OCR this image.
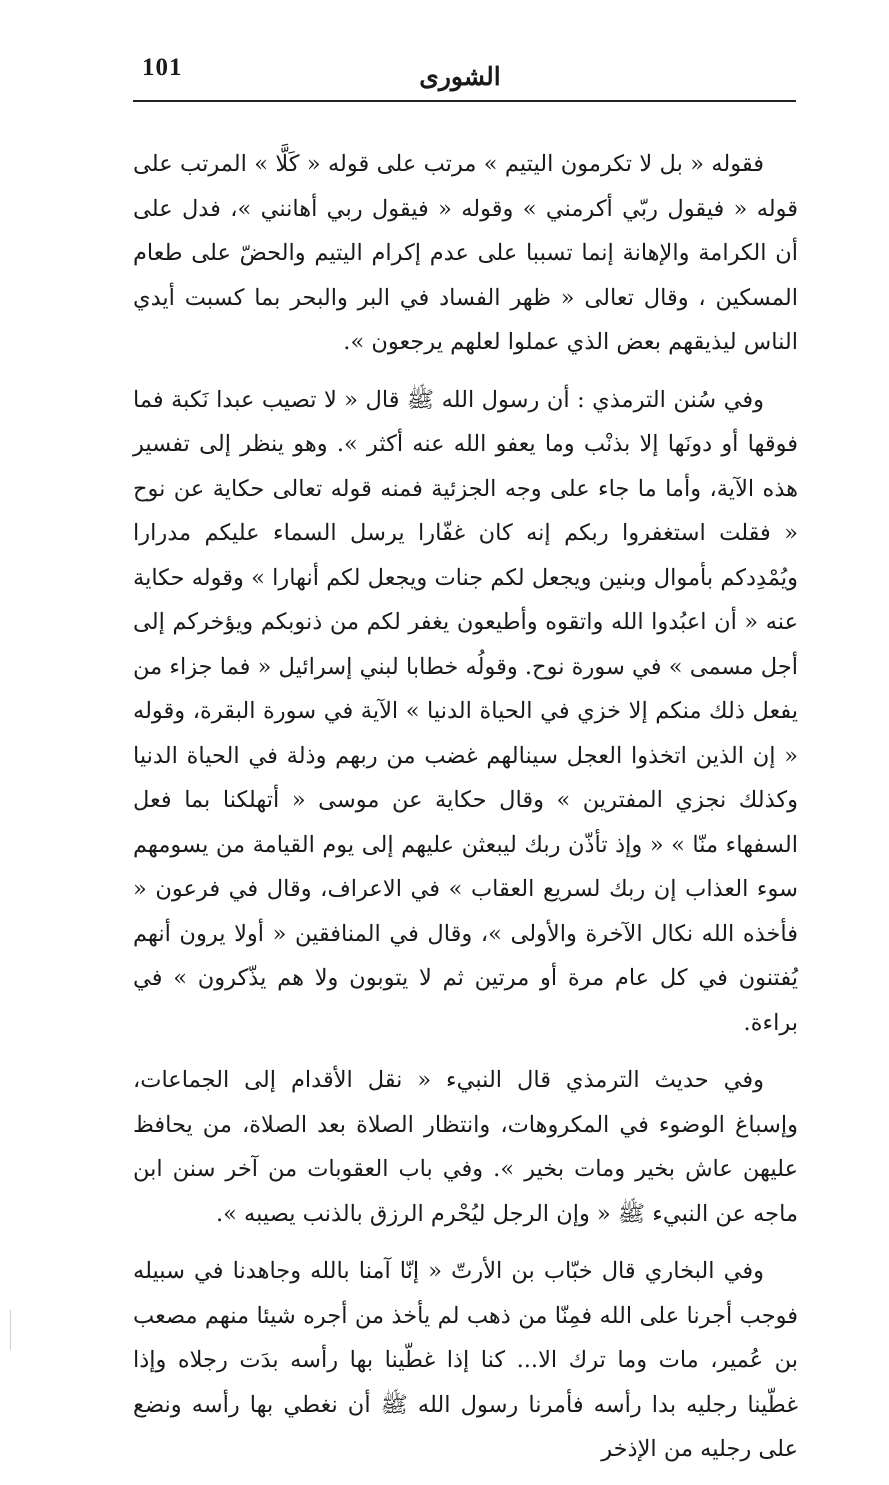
101	الشورى

فقوله « بل لا تكرمون اليتيم » مرتب على قوله « كَلَّا » المرتب على قوله « فيقول ربّي أكرمني » وقوله « فيقول ربي أهانني »، فدل على أن الكرامة والإهانة إنما تسببا على عدم إكرام اليتيم والحضّ على طعام المسكين ، وقال تعالى « ظهر الفساد في البر والبحر بما كسبت أيدي الناس ليذيقهم بعض الذي عملوا لعلهم يرجعون ».

وفي سُنن الترمذي : أن رسول الله ﷺ قال « لا تصيب عبدا نَكبة فما فوقها أو دونَها إلا بذنْب وما يعفو الله عنه أكثر ». وهو ينظر إلى تفسير هذه الآية، وأما ما جاء على وجه الجزئية فمنه قوله تعالى حكاية عن نوح « فقلت استغفروا ربكم إنه كان غفّارا يرسل السماء عليكم مدرارا ويُمْدِدكم بأموال وبنين ويجعل لكم جنات ويجعل لكم أنهارا » وقوله حكاية عنه « أن اعبُدوا الله واتقوه وأطيعون يغفر لكم من ذنوبكم ويؤخركم إلى أجل مسمى » في سورة نوح. وقولُه خطابا لبني إسرائيل « فما جزاء من يفعل ذلك منكم إلا خزي في الحياة الدنيا » الآية في سورة البقرة، وقوله « إن الذين اتخذوا العجل سينالهم غضب من ربهم وذلة في الحياة الدنيا وكذلك نجزي المفترين » وقال حكاية عن موسى « أتهلكنا بما فعل السفهاء منّا » « وإذ تأذّن ربك ليبعثن عليهم إلى يوم القيامة من يسومهم سوء العذاب إن ربك لسريع العقاب » في الاعراف، وقال في فرعون « فأخذه الله نكال الآخرة والأولى »، وقال في المنافقين « أولا يرون أنهم يُفتنون في كل عام مرة أو مرتين ثم لا يتوبون ولا هم يذّكرون » في براءة.

وفي حديث الترمذي قال النبيء « نقل الأقدام إلى الجماعات، وإسباغ الوضوء في المكروهات، وانتظار الصلاة بعد الصلاة، من يحافظ عليهن عاش بخير ومات بخير ». وفي باب العقوبات من آخر سنن ابن ماجه عن النبيء ﷺ « وإن الرجل ليُحْرم الرزق بالذنب يصيبه ».

وفي البخاري قال خبّاب بن الأرتّ « إنّا آمنا بالله وجاهدنا في سبيله فوجب أجرنا على الله فمِنّا من ذهب لم يأخذ من أجره شيئا منهم مصعب بن عُمير، مات وما ترك الا... كنا إذا غطّينا بها رأسه بدَت رجلاه وإذا غطّينا رجليه بدا رأسه فأمرنا رسول الله ﷺ أن نغطي بها رأسه ونضع على رجليه من الإذخر
